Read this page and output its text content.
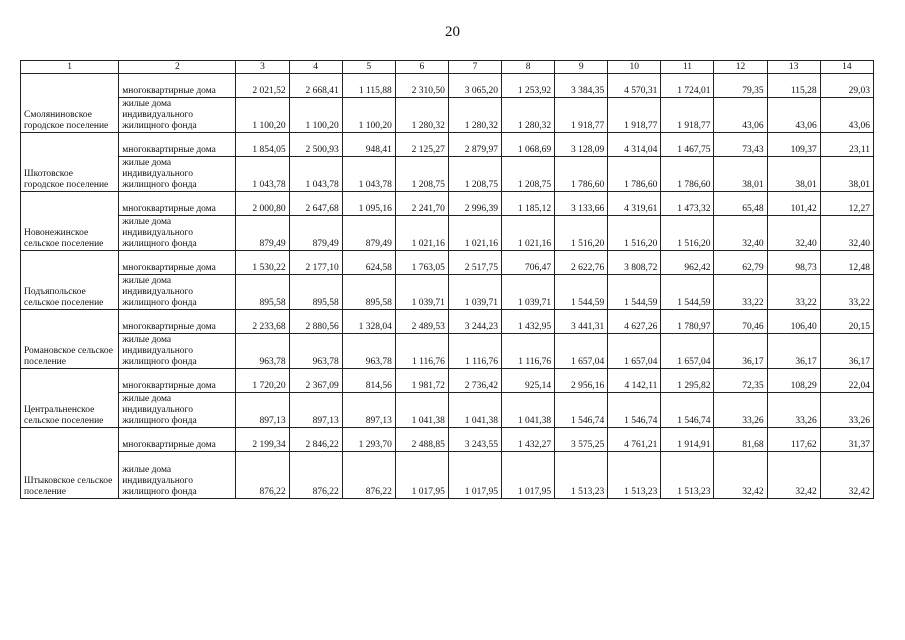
20
1	2	3	4	5	6	7	8	9	10	11	12	13	14
Смоляниновское городское поселение	многоквартирные дома	2 021,52	2 668,41	1 115,88	2 310,50	3 065,20	1 253,92	3 384,35	4 570,31	1 724,01	79,35	115,28	29,03
	жилые дома индивидуального жилищного фонда	1 100,20	1 100,20	1 100,20	1 280,32	1 280,32	1 280,32	1 918,77	1 918,77	1 918,77	43,06	43,06	43,06
Шкотовское городское поселение	многоквартирные дома	1 854,05	2 500,93	948,41	2 125,27	2 879,97	1 068,69	3 128,09	4 314,04	1 467,75	73,43	109,37	23,11
	жилые дома индивидуального жилищного фонда	1 043,78	1 043,78	1 043,78	1 208,75	1 208,75	1 208,75	1 786,60	1 786,60	1 786,60	38,01	38,01	38,01
Новонежинское сельское поселение	многоквартирные дома	2 000,80	2 647,68	1 095,16	2 241,70	2 996,39	1 185,12	3 133,66	4 319,61	1 473,32	65,48	101,42	12,27
	жилые дома индивидуального жилищного фонда	879,49	879,49	879,49	1 021,16	1 021,16	1 021,16	1 516,20	1 516,20	1 516,20	32,40	32,40	32,40
Подъяпольское сельское поселение	многоквартирные дома	1 530,22	2 177,10	624,58	1 763,05	2 517,75	706,47	2 622,76	3 808,72	962,42	62,79	98,73	12,48
	жилые дома индивидуального жилищного фонда	895,58	895,58	895,58	1 039,71	1 039,71	1 039,71	1 544,59	1 544,59	1 544,59	33,22	33,22	33,22
Романовское сельское поселение	многоквартирные дома	2 233,68	2 880,56	1 328,04	2 489,53	3 244,23	1 432,95	3 441,31	4 627,26	1 780,97	70,46	106,40	20,15
	жилые дома индивидуального жилищного фонда	963,78	963,78	963,78	1 116,76	1 116,76	1 116,76	1 657,04	1 657,04	1 657,04	36,17	36,17	36,17
Центральненское сельское поселение	многоквартирные дома	1 720,20	2 367,09	814,56	1 981,72	2 736,42	925,14	2 956,16	4 142,11	1 295,82	72,35	108,29	22,04
	жилые дома индивидуального жилищного фонда	897,13	897,13	897,13	1 041,38	1 041,38	1 041,38	1 546,74	1 546,74	1 546,74	33,26	33,26	33,26
Штыковское сельское поселение	многоквартирные дома	2 199,34	2 846,22	1 293,70	2 488,85	3 243,55	1 432,27	3 575,25	4 761,21	1 914,91	81,68	117,62	31,37
	жилые дома индивидуального жилищного фонда	876,22	876,22	876,22	1 017,95	1 017,95	1 017,95	1 513,23	1 513,23	1 513,23	32,42	32,42	32,42
